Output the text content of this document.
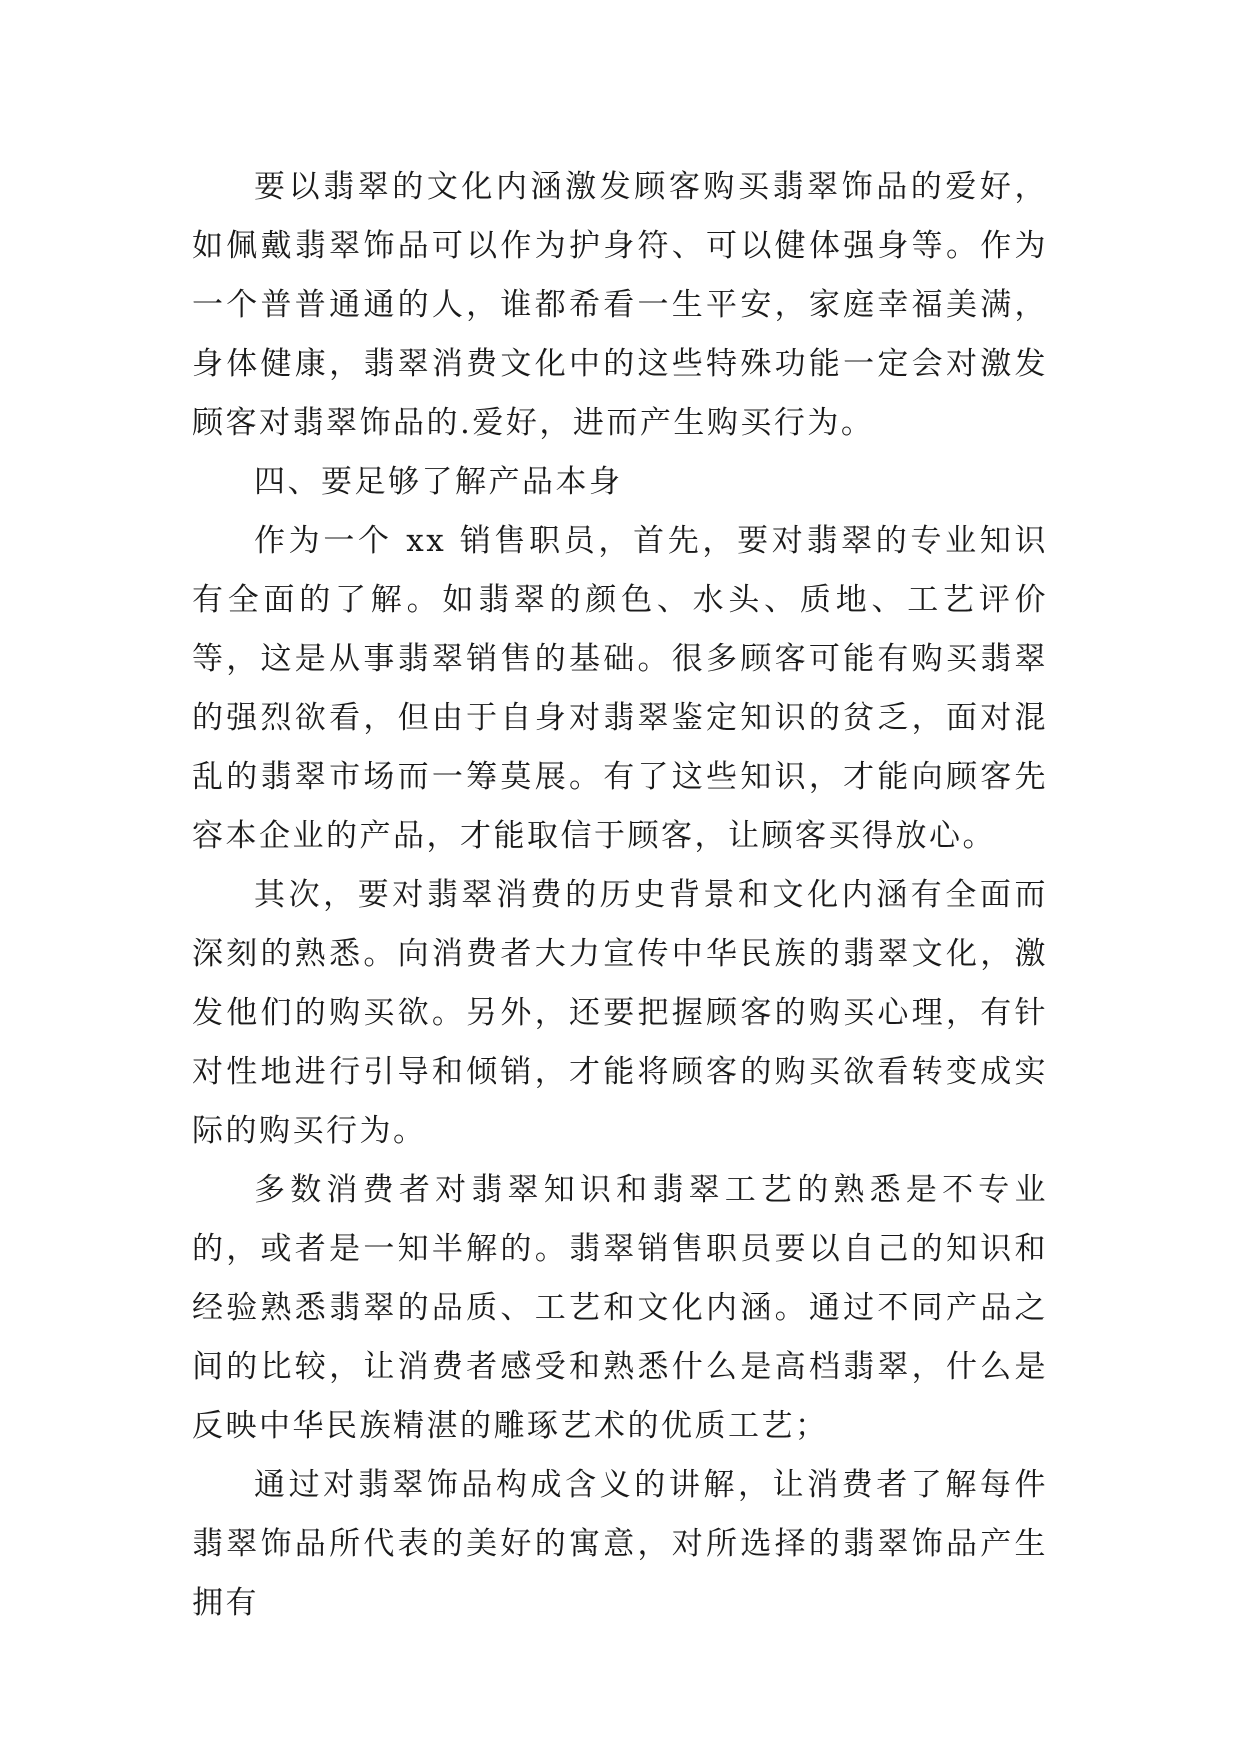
要以翡翠的文化内涵激发顾客购买翡翠饰品的爱好，如佩戴翡翠饰品可以作为护身符、可以健体强身等。作为一个普普通通的人，谁都希看一生平安，家庭幸福美满，身体健康，翡翠消费文化中的这些特殊功能一定会对激发顾客对翡翠饰品的.爱好，进而产生购买行为。

四、要足够了解产品本身

作为一个 xx 销售职员，首先，要对翡翠的专业知识有全面的了解。如翡翠的颜色、水头、质地、工艺评价等，这是从事翡翠销售的基础。很多顾客可能有购买翡翠的强烈欲看，但由于自身对翡翠鉴定知识的贫乏，面对混乱的翡翠市场而一筹莫展。有了这些知识，才能向顾客先容本企业的产品，才能取信于顾客，让顾客买得放心。

其次，要对翡翠消费的历史背景和文化内涵有全面而深刻的熟悉。向消费者大力宣传中华民族的翡翠文化，激发他们的购买欲。另外，还要把握顾客的购买心理，有针对性地进行引导和倾销，才能将顾客的购买欲看转变成实际的购买行为。

多数消费者对翡翠知识和翡翠工艺的熟悉是不专业的，或者是一知半解的。翡翠销售职员要以自己的知识和经验熟悉翡翠的品质、工艺和文化内涵。通过不同产品之间的比较，让消费者感受和熟悉什么是高档翡翠，什么是反映中华民族精湛的雕琢艺术的优质工艺；

通过对翡翠饰品构成含义的讲解，让消费者了解每件翡翠饰品所代表的美好的寓意，对所选择的翡翠饰品产生拥有
